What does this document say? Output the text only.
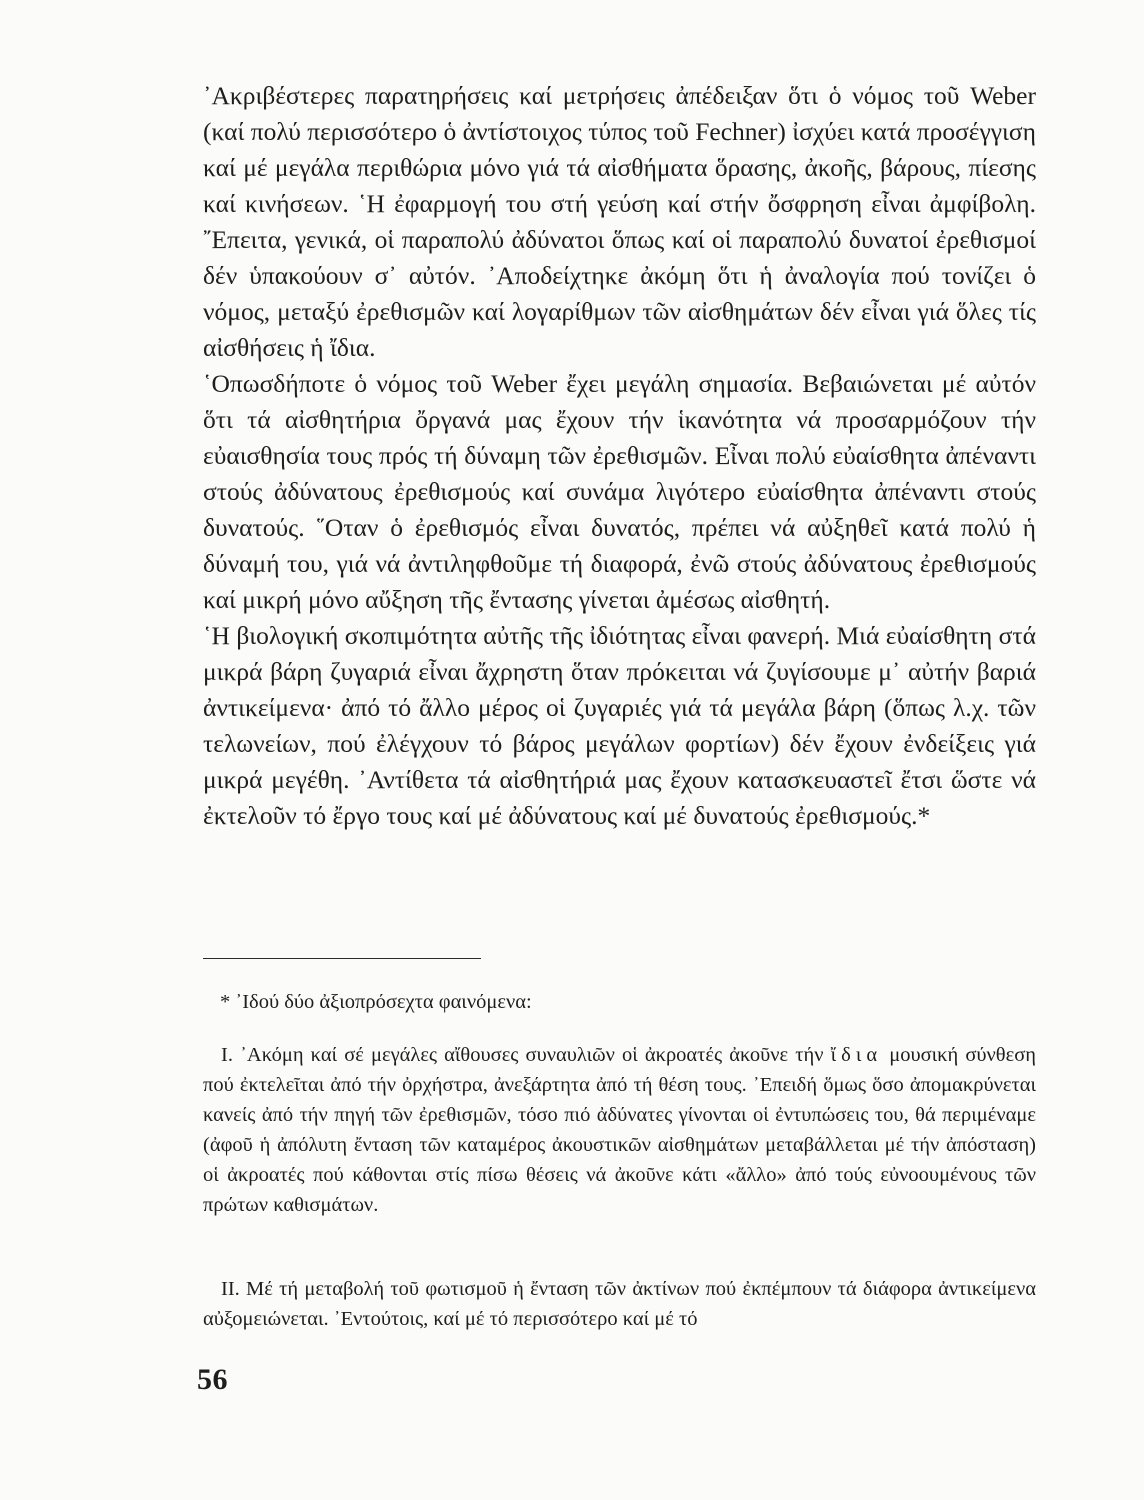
᾿Ακριβέστερες παρατηρήσεις καί μετρήσεις ἀπέδειξαν ὅτι ὁ νόμος τοῦ Weber (καί πολύ περισσότερο ὁ ἀντίστοιχος τύπος τοῦ Fechner) ἰσχύει κατά προσέγγιση καί μέ μεγάλα περιθώρια μόνο γιά τά αἰσθήματα ὅρασης, ἀκοῆς, βάρους, πίεσης καί κινήσεων. ῾Η ἐφαρμογή του στή γεύση καί στήν ὄσφρηση εἶναι ἀμφίβολη. ῎Επειτα, γενικά, οἱ παραπολύ ἀδύνατοι ὅπως καί οἱ παραπολύ δυνατοί ἐρεθισμοί δέν ὑπακούουν σ᾿ αὐτόν. ᾿Αποδείχτηκε ἀκόμη ὅτι ἡ ἀναλογία πού τονίζει ὁ νόμος, μεταξύ ἐρεθισμῶν καί λογαρίθμων τῶν αἰσθημάτων δέν εἶναι γιά ὅλες τίς αἰσθήσεις ἡ ἴδια.

῾Οπωσδήποτε ὁ νόμος τοῦ Weber ἔχει μεγάλη σημασία. Βεβαιώνεται μέ αὐτόν ὅτι τά αἰσθητήρια ὄργανά μας ἔχουν τήν ἱκανότητα νά προσαρμόζουν τήν εὐαισθησία τους πρός τή δύναμη τῶν ἐρεθισμῶν. Εἶναι πολύ εὐαίσθητα ἀπέναντι στούς ἀδύνατους ἐρεθισμούς καί συνάμα λιγότερο εὐαίσθητα ἀπέναντι στούς δυνατούς. ῞Οταν ὁ ἐρεθισμός εἶναι δυνατός, πρέπει νά αὐξηθεῖ κατά πολύ ἡ δύναμή του, γιά νά ἀντιληφθοῦμε τή διαφορά, ἐνῶ στούς ἀδύνατους ἐρεθισμούς καί μικρή μόνο αὔξηση τῆς ἔντασης γίνεται ἀμέσως αἰσθητή.

῾Η βιολογική σκοπιμότητα αὐτῆς τῆς ἰδιότητας εἶναι φανερή. Μιά εὐαίσθητη στά μικρά βάρη ζυγαριά εἶναι ἄχρηστη ὅταν πρόκειται νά ζυγίσουμε μ᾿ αὐτήν βαριά ἀντικείμενα· ἀπό τό ἄλλο μέρος οἱ ζυγαριές γιά τά μεγάλα βάρη (ὅπως λ.χ. τῶν τελωνείων, πού ἐλέγχουν τό βάρος μεγάλων φορτίων) δέν ἔχουν ἐνδείξεις γιά μικρά μεγέθη. ᾿Αντίθετα τά αἰσθητήριά μας ἔχουν κατασκευαστεῖ ἔτσι ὥστε νά ἐκτελοῦν τό ἔργο τους καί μέ ἀδύνατους καί μέ δυνατούς ἐρεθισμούς.*

* ᾿Ιδού δύο ἀξιοπρόσεχτα φαινόμενα:

Ι. ᾿Ακόμη καί σέ μεγάλες αἴθουσες συναυλιῶν οἱ ἀκροατές ἀκοῦνε τήν ἴδια μουσική σύνθεση πού ἐκτελεῖται ἀπό τήν ὀρχήστρα, ἀνεξάρτητα ἀπό τή θέση τους. ᾿Επειδή ὅμως ὅσο ἀπομακρύνεται κανείς ἀπό τήν πηγή τῶν ἐρεθισμῶν, τόσο πιό ἀδύνατες γίνονται οἱ ἐντυπώσεις του, θά περιμέναμε (ἀφοῦ ἡ ἀπόλυτη ἔνταση τῶν καταμέρος ἀκουστικῶν αἰσθημάτων μεταβάλλεται μέ τήν ἀπόσταση) οἱ ἀκροατές πού κάθονται στίς πίσω θέσεις νά ἀκοῦνε κάτι «ἄλλο» ἀπό τούς εὐνοουμένους τῶν πρώτων καθισμάτων.

ΙΙ. Μέ τή μεταβολή τοῦ φωτισμοῦ ἡ ἔνταση τῶν ἀκτίνων πού ἐκπέμπουν τά διάφορα ἀντικείμενα αὐξομειώνεται. ᾿Εντούτοις, καί μέ τό περισσότερο καί μέ τό

56
